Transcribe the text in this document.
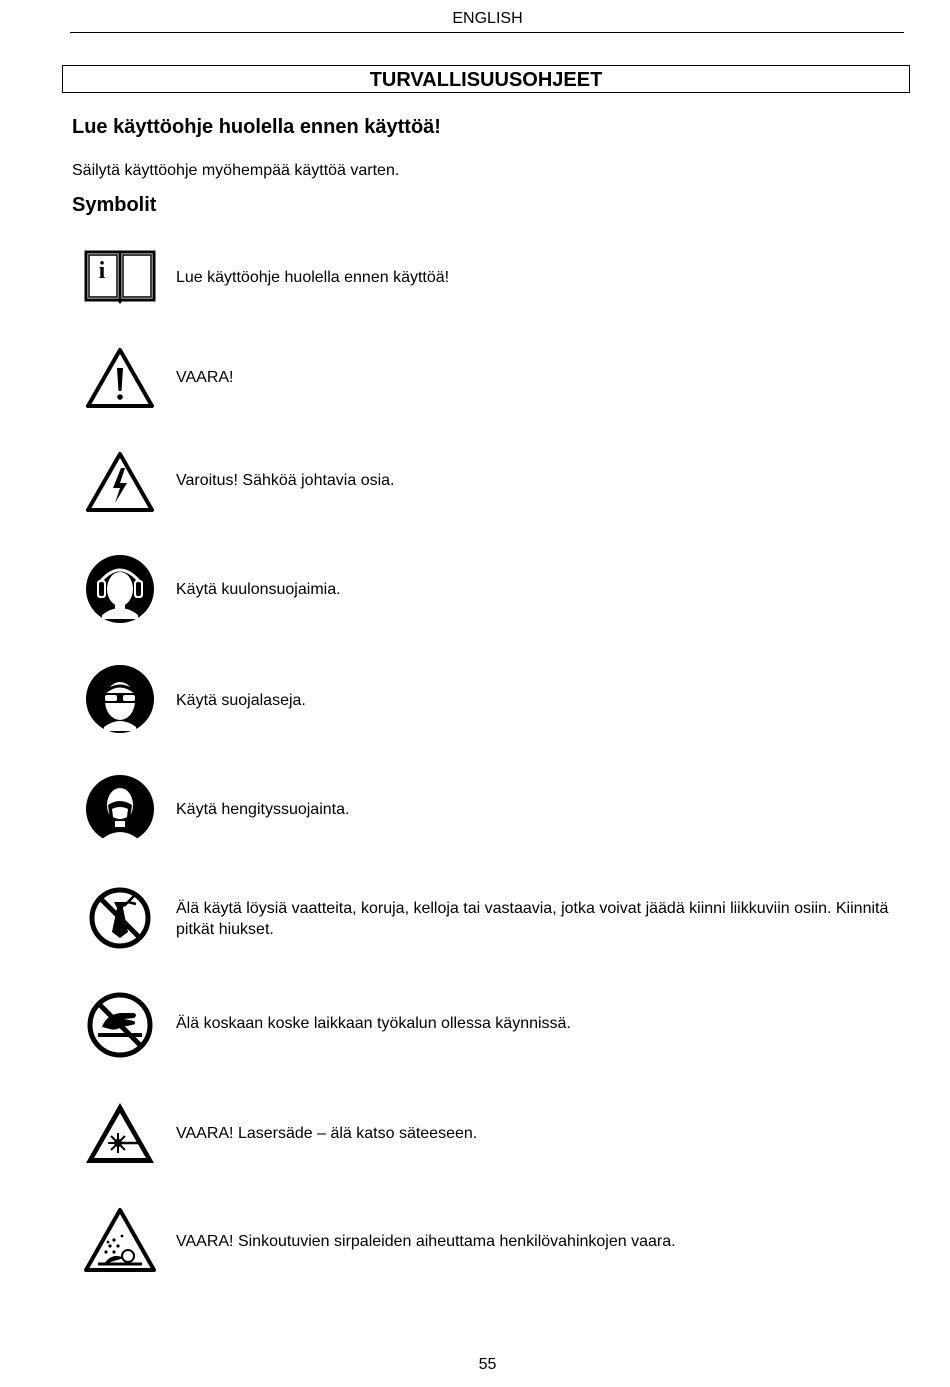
ENGLISH
TURVALLISUUSOHJEET
Lue käyttöohje huolella ennen käyttöä!
Säilytä käyttöohje myöhempää käyttöä varten.
Symbolit
i	Lue käyttöohje huolella ennen käyttöä!
VAARA!
Varoitus! Sähköä johtavia osia.
Käytä kuulonsuojaimia.
Käytä suojalaseja.
Käytä hengityssuojainta.
Älä käytä löysiä vaatteita, koruja, kelloja tai vastaavia, jotka voivat jäädä kiinni liikkuviin osiin. Kiinnitä pitkät hiukset.
Älä koskaan koske laikkaan työkalun ollessa käynnissä.
VAARA! Lasersäde – älä katso säteeseen.
VAARA! Sinkoutuvien sirpaleiden aiheuttama henkilövahinkojen vaara.
55
